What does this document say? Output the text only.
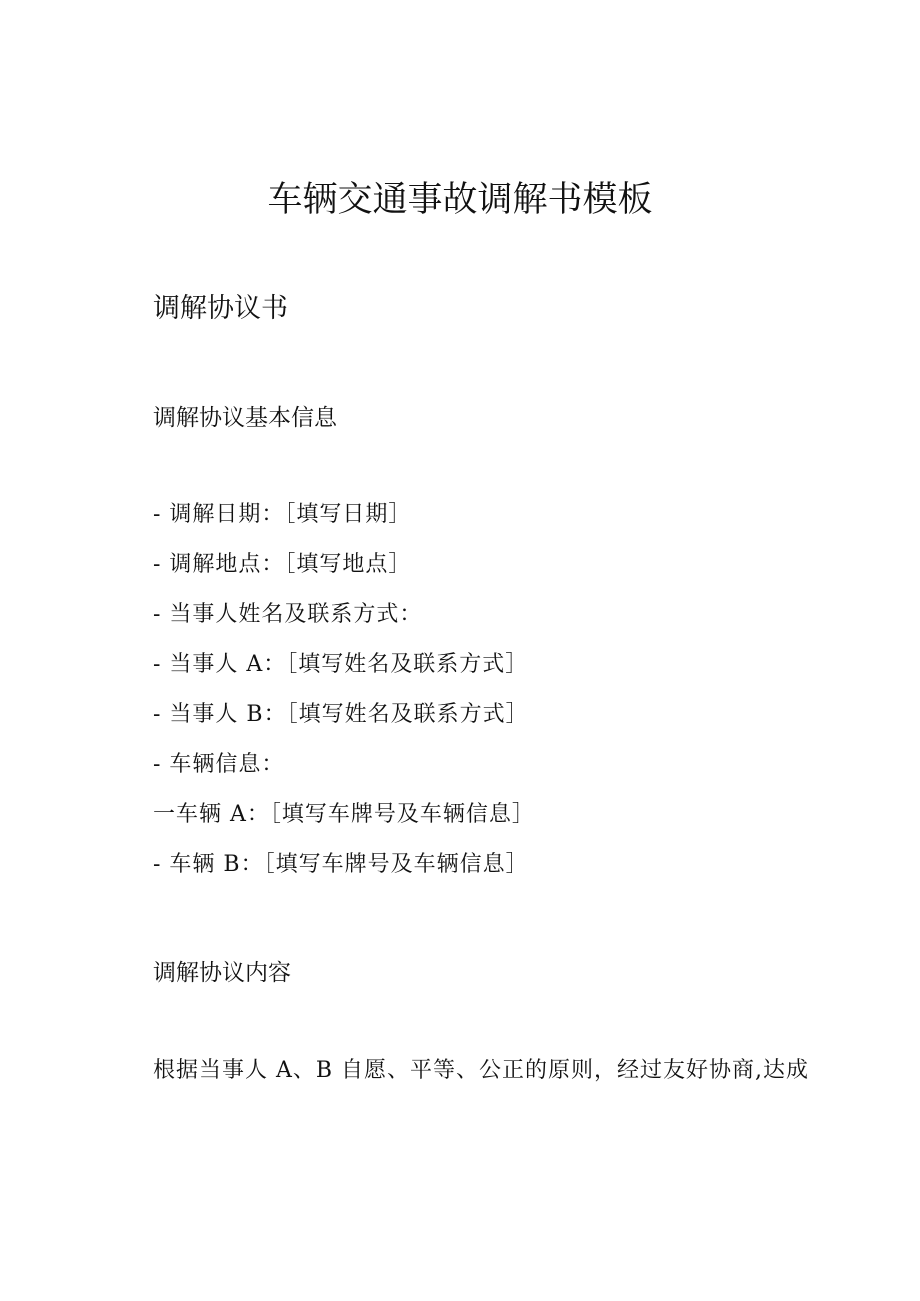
车辆交通事故调解书模板
调解协议书
调解协议基本信息
- 调解日期：［填写日期］
- 调解地点：［填写地点］
- 当事人姓名及联系方式：
- 当事人 A：［填写姓名及联系方式］
- 当事人 B：［填写姓名及联系方式］
- 车辆信息：
一车辆 A：［填写车牌号及车辆信息］
- 车辆 B：［填写车牌号及车辆信息］
调解协议内容
根据当事人 A、B 自愿、平等、公正的原则，经过友好协商,达成
